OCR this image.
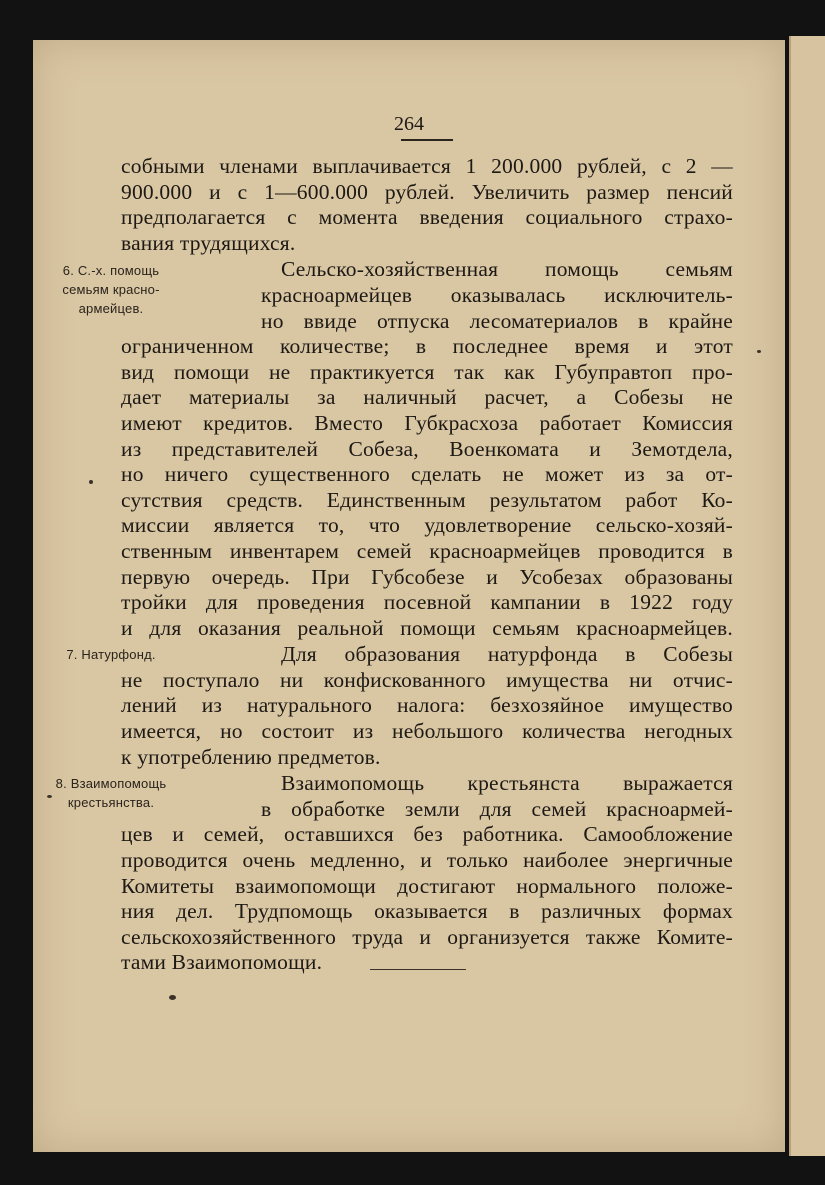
264
собными членами выплачивается 1 200.000 рублей, с 2 —
900.000 и с 1—600.000 рублей. Увеличить размер пенсий
предполагается с момента введения социального страхо-
вания трудящихся.
6. С.-х. помощь
семьям красно-
армейцев.
Сельско-хозяйственная помощь семьям
красноармейцев оказывалась исключитель-
но ввиде отпуска лесоматериалов в крайне
ограниченном количестве; в последнее время и этот
вид помощи не практикуется так как Губуправтоп про-
дает материалы за наличный расчет, а Собезы не
имеют кредитов. Вместо Губкрасхоза работает Комиссия
из представителей Собеза, Военкомата и Земотдела,
но ничего существенного сделать не может из за от-
сутствия средств. Единственным результатом работ Ко-
миссии является то, что удовлетворение сельско-хозяй-
ственным инвентарем семей красноармейцев проводится в
первую очередь. При Губсобезе и Усобезах образованы
тройки для проведения посевной кампании в 1922 году
и для оказания реальной помощи семьям красноармейцев.
7. Натурфонд.	Для образования натурфонда в Собезы
не поступало ни конфискованного имущества ни отчис-
лений из натурального налога: безхозяйное имущество
имеется, но состоит из небольшого количества негодных
к употреблению предметов.
8. Взаимопомощь
крестьянства.
Взаимопомощь крестьянста выражается
в обработке земли для семей красноармей-
цев и семей, оставшихся без работника. Самообложение
проводится очень медленно, и только наиболее энергичные
Комитеты взаимопомощи достигают нормального положе-
ния дел. Трудпомощь оказывается в различных формах
сельскохозяйственного труда и организуется также Комите-
тами Взаимопомощи.
